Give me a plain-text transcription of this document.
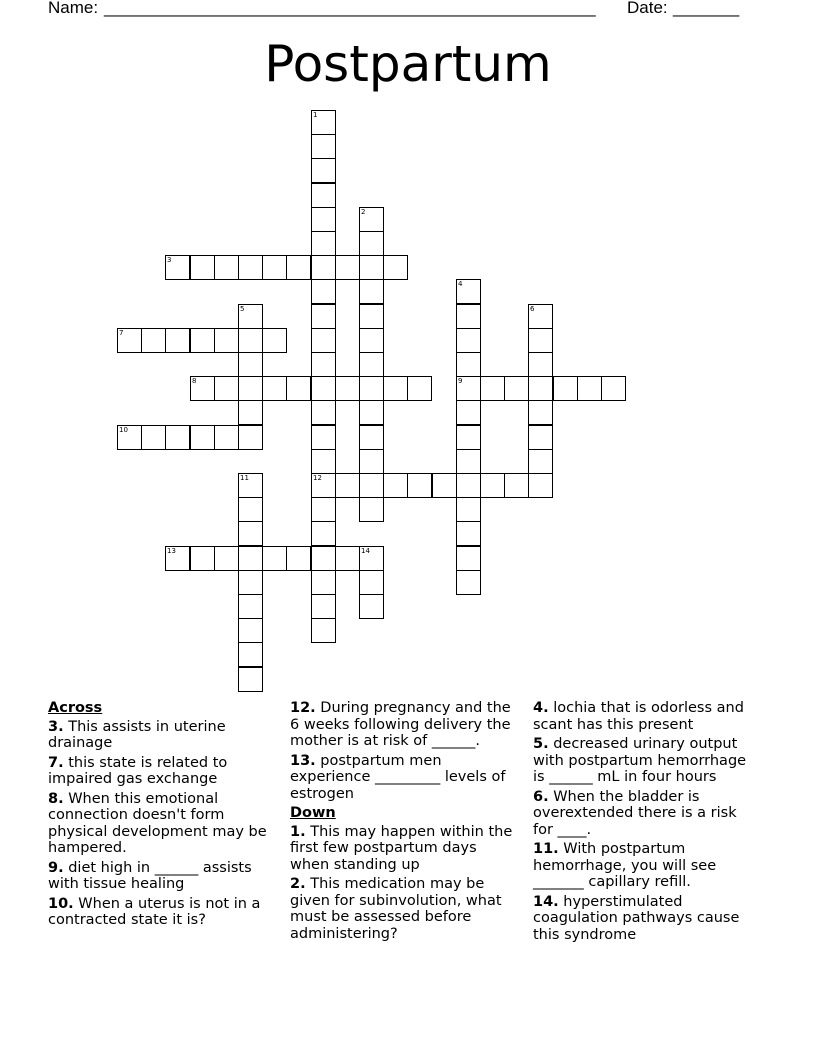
Name: ____________________________________________________ Date: _______
Postpartum
1
12
2
3
4
9
5	6
7
8
10
11
13	14
Across
3. This assists in uterine drainage
7. this state is related to impaired gas exchange
8. When this emotional connection doesn't form physical development may be hampered.
9. diet high in ______ assists with tissue healing
10. When a uterus is not in a contracted state it is?
12. During pregnancy and the 6 weeks following delivery the mother is at risk of ______.
13. postpartum men experience _________ levels of estrogen
Down
1. This may happen within the first few postpartum days when standing up
2. This medication may be given for subinvolution, what must be assessed before administering?
4. lochia that is odorless and scant has this present
5. decreased urinary output with postpartum hemorrhage is ______ mL in four hours
6. When the bladder is overextended there is a risk for ____.
11. With postpartum hemorrhage, you will see _______ capillary refill.
14. hyperstimulated coagulation pathways cause this syndrome
